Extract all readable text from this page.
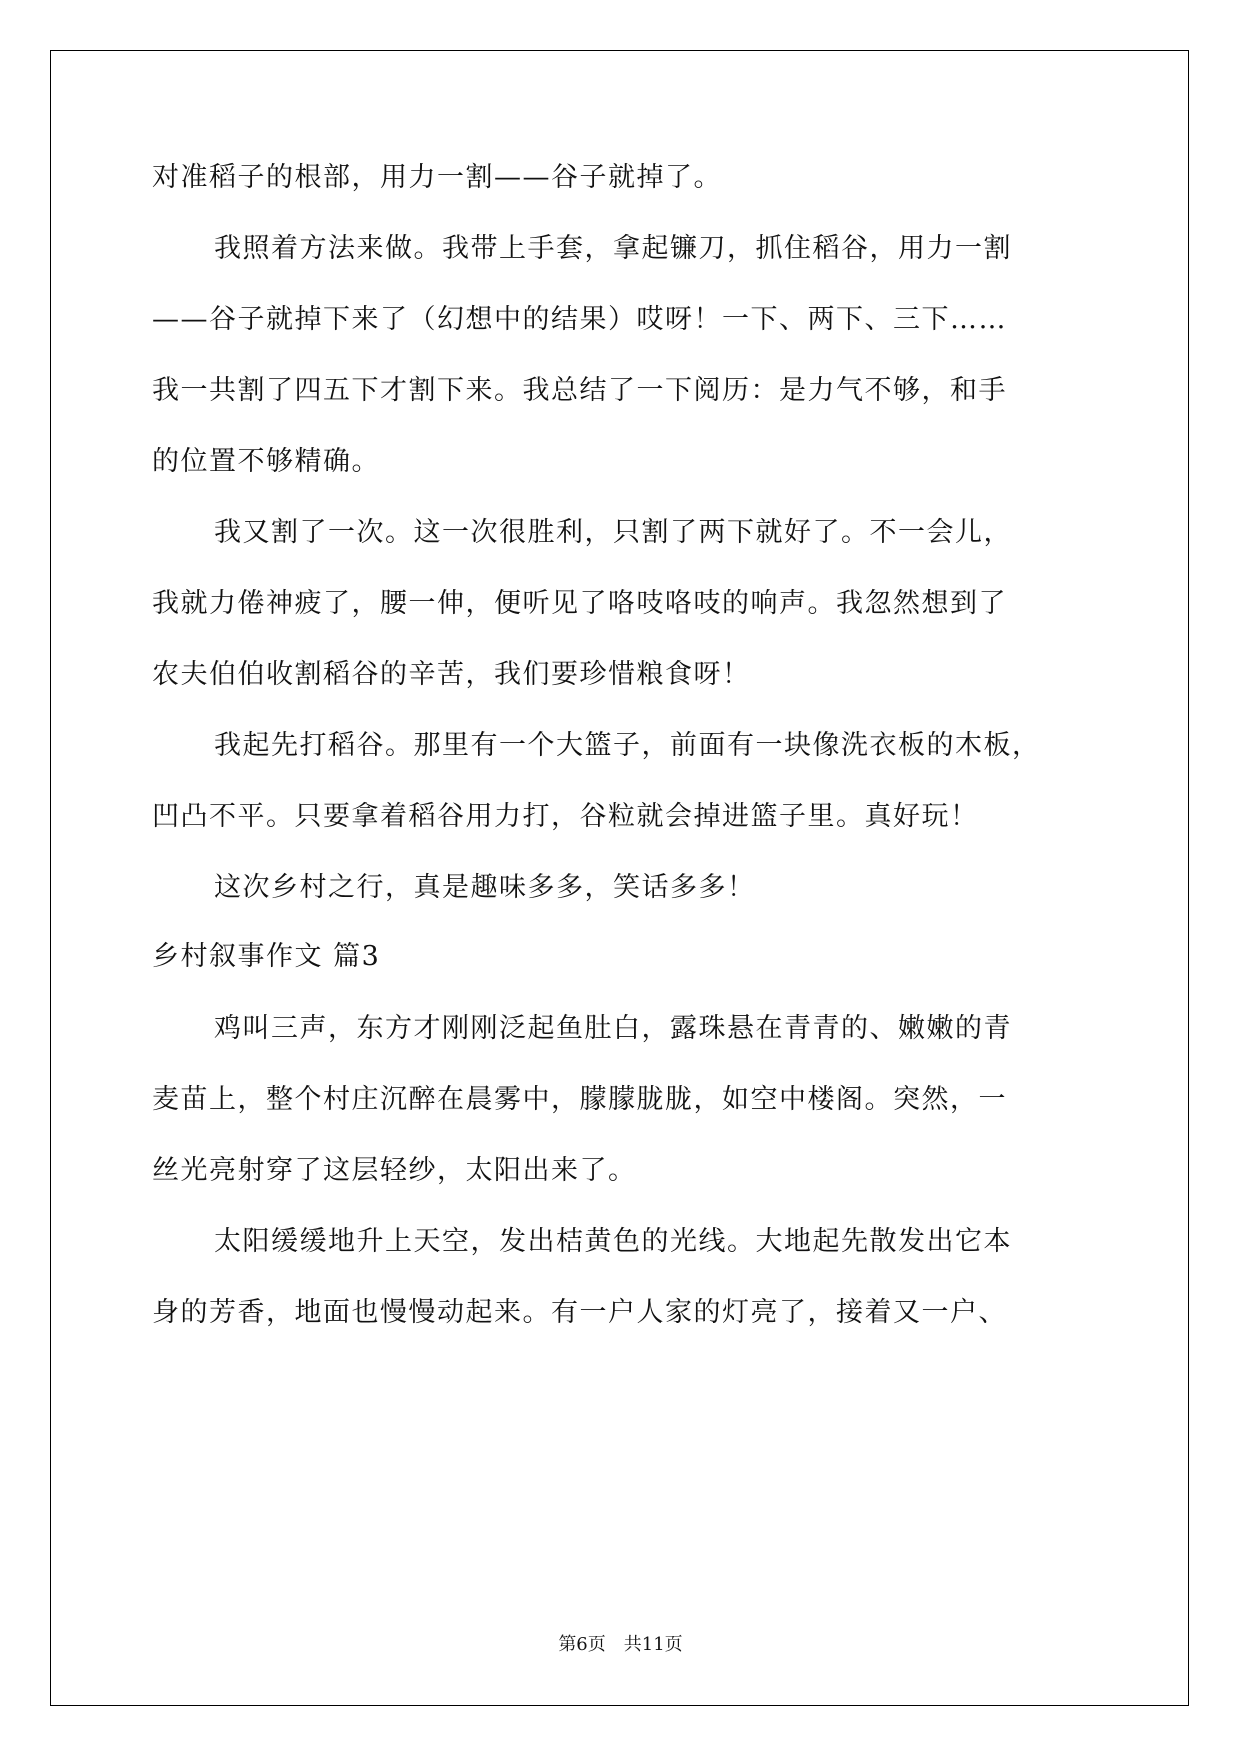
对准稻子的根部，用力一割——谷子就掉了。
我照着方法来做。我带上手套，拿起镰刀，抓住稻谷，用力一割
——谷子就掉下来了（幻想中的结果）哎呀！一下、两下、三下……
我一共割了四五下才割下来。我总结了一下阅历：是力气不够，和手
的位置不够精确。
我又割了一次。这一次很胜利，只割了两下就好了。不一会儿，
我就力倦神疲了，腰一伸，便听见了咯吱咯吱的响声。我忽然想到了
农夫伯伯收割稻谷的辛苦，我们要珍惜粮食呀！
我起先打稻谷。那里有一个大篮子，前面有一块像洗衣板的木板，
凹凸不平。只要拿着稻谷用力打，谷粒就会掉进篮子里。真好玩！
这次乡村之行，真是趣味多多，笑话多多！
乡村叙事作文 篇3
鸡叫三声，东方才刚刚泛起鱼肚白，露珠悬在青青的、嫩嫩的青
麦苗上，整个村庄沉醉在晨雾中，朦朦胧胧，如空中楼阁。突然，一
丝光亮射穿了这层轻纱，太阳出来了。
太阳缓缓地升上天空，发出桔黄色的光线。大地起先散发出它本
身的芳香，地面也慢慢动起来。有一户人家的灯亮了，接着又一户、
第6页　共11页
